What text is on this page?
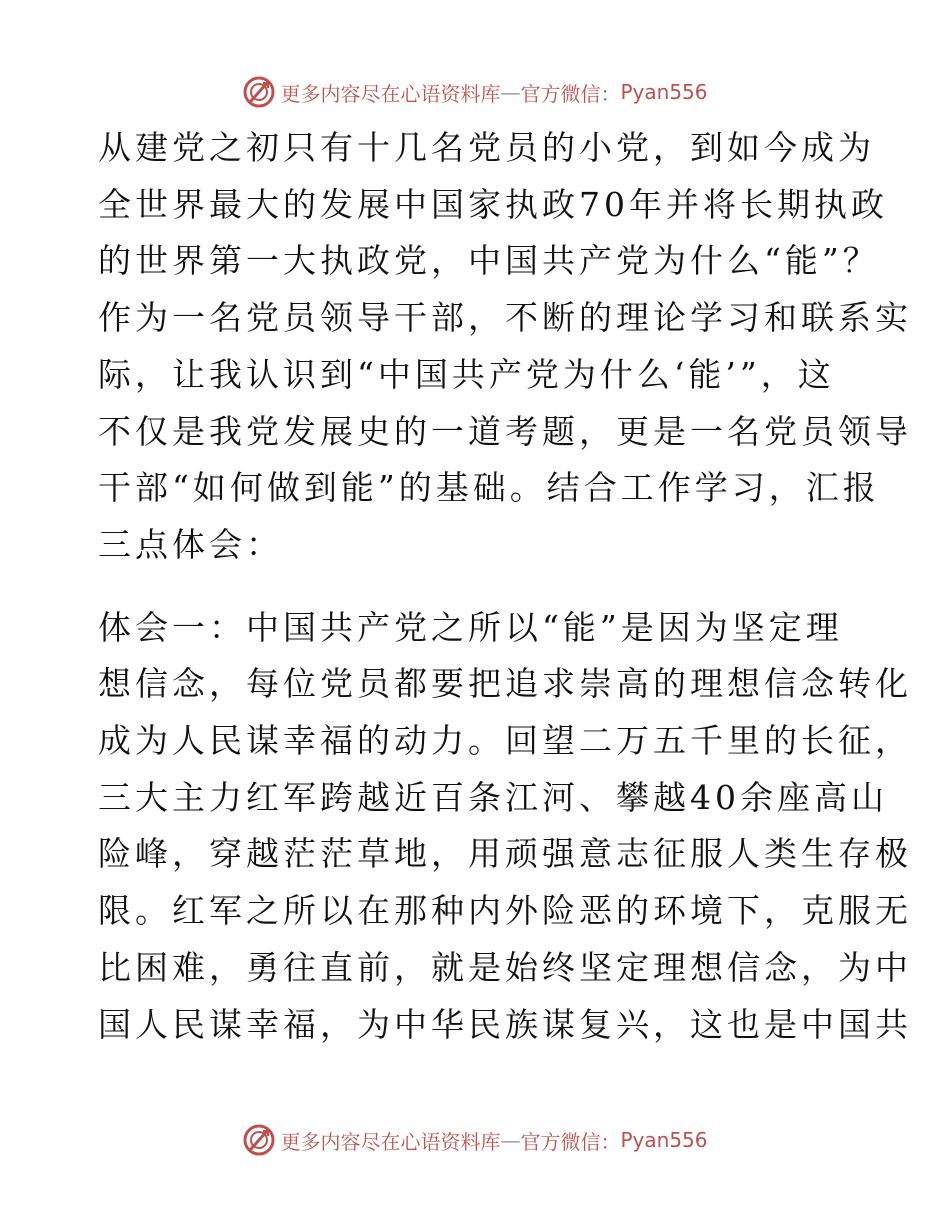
更多内容尽在心语资料库 — 官方微信： Pyan556

从建党之初只有十几名党员的小党，到如今成为
全世界最大的发展中国家执政70年并将长期执政
的世界第一大执政党，中国共产党为什么“能”？
作为一名党员领导干部，不断的理论学习和联系实
际，让我认识到“中国共产党为什么‘能’”，这
不仅是我党发展史的一道考题，更是一名党员领导
干部“如何做到能”的基础。结合工作学习，汇报
三点体会：

体会一：中国共产党之所以“能”是因为坚定理
想信念，每位党员都要把追求崇高的理想信念转化
成为人民谋幸福的动力。回望二万五千里的长征，
三大主力红军跨越近百条江河、攀越40余座高山
险峰，穿越茫茫草地，用顽强意志征服人类生存极
限。红军之所以在那种内外险恶的环境下，克服无
比困难，勇往直前，就是始终坚定理想信念，为中
国人民谋幸福，为中华民族谋复兴，这也是中国共

更多内容尽在心语资料库 — 官方微信： Pyan556
